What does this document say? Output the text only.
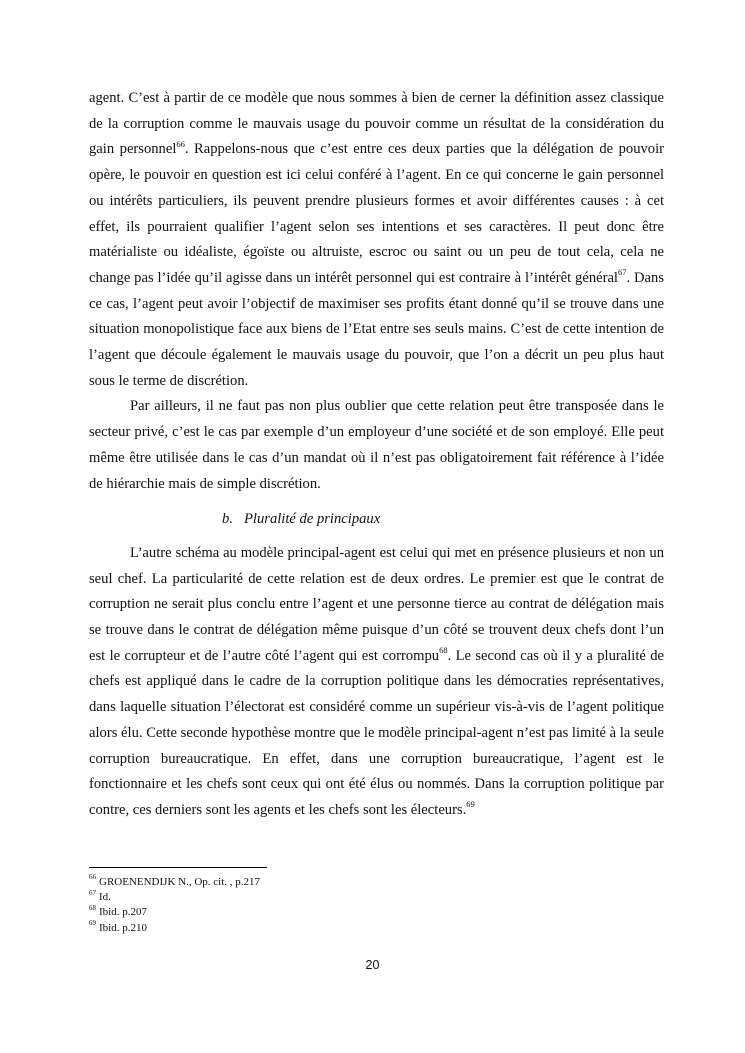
agent. C’est à partir de ce modèle que nous sommes à bien de cerner la définition assez classique de la corruption comme le mauvais usage du pouvoir comme un résultat de la considération du gain personnel$^{66}$. Rappelons-nous que c’est entre ces deux parties que la délégation de pouvoir opère, le pouvoir en question est ici celui conféré à l’agent. En ce qui concerne le gain personnel ou intérêts particuliers, ils peuvent prendre plusieurs formes et avoir différentes causes : à cet effet, ils pourraient qualifier l’agent selon ses intentions et ses caractères. Il peut donc être matérialiste ou idéaliste, égoïste ou altruiste, escroc ou saint ou un peu de tout cela, cela ne change pas l’idée qu’il agisse dans un intérêt personnel qui est contraire à l’intérêt général$^{67}$. Dans ce cas, l’agent peut avoir l’objectif de maximiser ses profits étant donné qu’il se trouve dans une situation monopolistique face aux biens de l’Etat entre ses seuls mains. C’est de cette intention de l’agent que découle également le mauvais usage du pouvoir, que l’on a décrit un peu plus haut sous le terme de discrétion.

Par ailleurs, il ne faut pas non plus oublier que cette relation peut être transposée dans le secteur privé, c’est le cas par exemple d’un employeur d’une société et de son employé. Elle peut même être utilisée dans le cas d’un mandat où il n’est pas obligatoirement fait référence à l’idée de hiérarchie mais de simple discrétion.

b. Pluralité de principaux

L’autre schéma au modèle principal-agent est celui qui met en présence plusieurs et non un seul chef. La particularité de cette relation est de deux ordres. Le premier est que le contrat de corruption ne serait plus conclu entre l’agent et une personne tierce au contrat de délégation mais se trouve dans le contrat de délégation même puisque d’un côté se trouvent deux chefs dont l’un est le corrupteur et de l’autre côté l’agent qui est corrompu$^{68}$. Le second cas où il y a pluralité de chefs est appliqué dans le cadre de la corruption politique dans les démocraties représentatives, dans laquelle situation l’électorat est considéré comme un supérieur vis-à-vis de l’agent politique alors élu. Cette seconde hypothèse montre que le modèle principal-agent n’est pas limité à la seule corruption bureaucratique. En effet, dans une corruption bureaucratique, l’agent est le fonctionnaire et les chefs sont ceux qui ont été élus ou nommés. Dans la corruption politique par contre, ces derniers sont les agents et les chefs sont les électeurs.$^{69}$

$^{66}$ GROENENDIJK N., Op. cit. , p.217
$^{67}$ Id.
$^{68}$ Ibid. p.207
$^{69}$ Ibid. p.210
20
